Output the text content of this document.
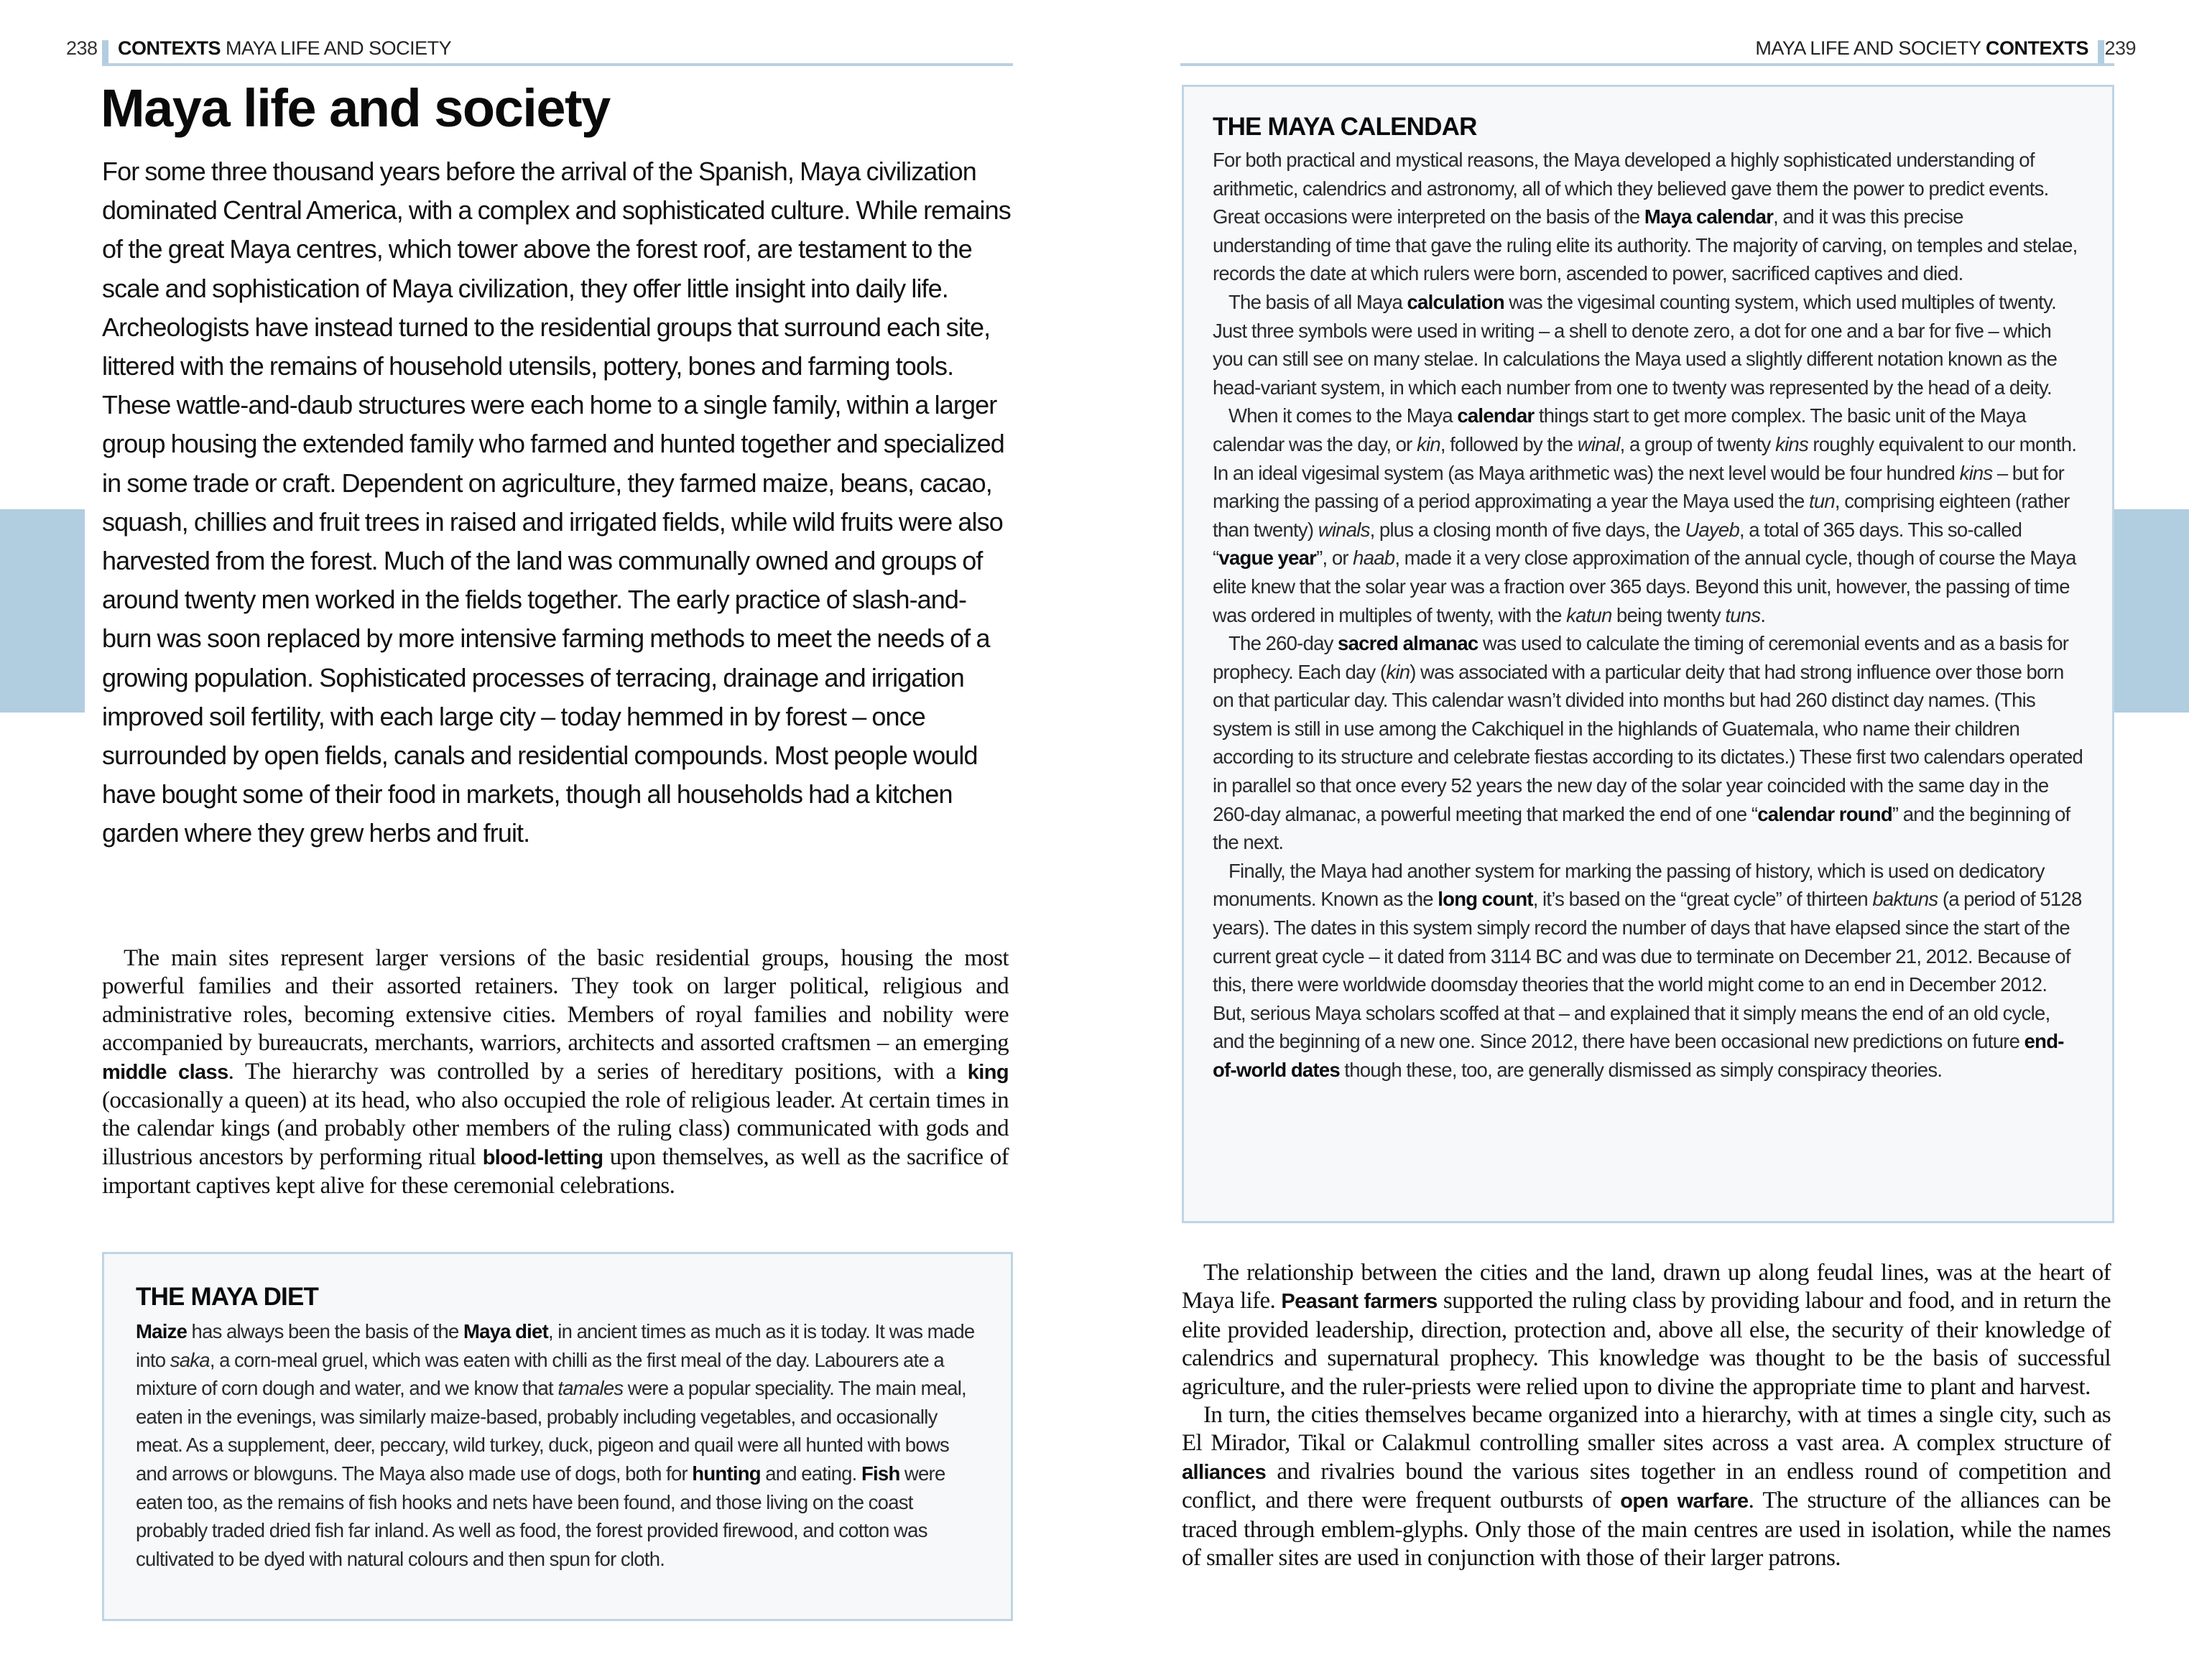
238 CONTEXTS MAYA LIFE AND SOCIETY
Maya life and society

For some three thousand years before the arrival of the Spanish, Maya civilization dominated Central America, with a complex and sophisticated culture. While remains of the great Maya centres, which tower above the forest roof, are testament to the scale and sophistication of Maya civilization, they offer little insight into daily life. Archeologists have instead turned to the residential groups that surround each site, littered with the remains of household utensils, pottery, bones and farming tools. These wattle-and-daub structures were each home to a single family, within a larger group housing the extended family who farmed and hunted together and specialized in some trade or craft. Dependent on agriculture, they farmed maize, beans, cacao, squash, chillies and fruit trees in raised and irrigated fields, while wild fruits were also harvested from the forest. Much of the land was communally owned and groups of around twenty men worked in the fields together. The early practice of slash-and-burn was soon replaced by more intensive farming methods to meet the needs of a growing population. Sophisticated processes of terracing, drainage and irrigation improved soil fertility, with each large city – today hemmed in by forest – once surrounded by open fields, canals and residential compounds. Most people would have bought some of their food in markets, though all households had a kitchen garden where they grew herbs and fruit.

The main sites represent larger versions of the basic residential groups, housing the most powerful families and their assorted retainers. They took on larger political, religious and administrative roles, becoming extensive cities. Members of royal families and nobility were accompanied by bureaucrats, merchants, warriors, architects and assorted craftsmen – an emerging middle class. The hierarchy was controlled by a series of hereditary positions, with a king (occasionally a queen) at its head, who also occupied the role of religious leader. At certain times in the calendar kings (and probably other members of the ruling class) communicated with gods and illustrious ancestors by performing ritual blood-letting upon themselves, as well as the sacrifice of important captives kept alive for these ceremonial celebrations.

THE MAYA DIET

Maize has always been the basis of the Maya diet, in ancient times as much as it is today. It was made into saka, a corn-meal gruel, which was eaten with chilli as the first meal of the day. Labourers ate a mixture of corn dough and water, and we know that tamales were a popular speciality. The main meal, eaten in the evenings, was similarly maize-based, probably including vegetables, and occasionally meat. As a supplement, deer, peccary, wild turkey, duck, pigeon and quail were all hunted with bows and arrows or blowguns. The Maya also made use of dogs, both for hunting and eating. Fish were eaten too, as the remains of fish hooks and nets have been found, and those living on the coast probably traded dried fish far inland. As well as food, the forest provided firewood, and cotton was cultivated to be dyed with natural colours and then spun for cloth.

MAYA LIFE AND SOCIETY CONTEXTS 239
THE MAYA CALENDAR

For both practical and mystical reasons, the Maya developed a highly sophisticated understanding of arithmetic, calendrics and astronomy, all of which they believed gave them the power to predict events. Great occasions were interpreted on the basis of the Maya calendar, and it was this precise understanding of time that gave the ruling elite its authority. The majority of carving, on temples and stelae, records the date at which rulers were born, ascended to power, sacrificed captives and died.

The basis of all Maya calculation was the vigesimal counting system, which used multiples of twenty. Just three symbols were used in writing – a shell to denote zero, a dot for one and a bar for five – which you can still see on many stelae. In calculations the Maya used a slightly different notation known as the head-variant system, in which each number from one to twenty was represented by the head of a deity.

When it comes to the Maya calendar things start to get more complex. The basic unit of the Maya calendar was the day, or kin, followed by the winal, a group of twenty kins roughly equivalent to our month. In an ideal vigesimal system (as Maya arithmetic was) the next level would be four hundred kins – but for marking the passing of a period approximating a year the Maya used the tun, comprising eighteen (rather than twenty) winals, plus a closing month of five days, the Uayeb, a total of 365 days. This so-called “vague year”, or haab, made it a very close approximation of the annual cycle, though of course the Maya elite knew that the solar year was a fraction over 365 days. Beyond this unit, however, the passing of time was ordered in multiples of twenty, with the katun being twenty tuns.

The 260-day sacred almanac was used to calculate the timing of ceremonial events and as a basis for prophecy. Each day (kin) was associated with a particular deity that had strong influence over those born on that particular day. This calendar wasn’t divided into months but had 260 distinct day names. (This system is still in use among the Cakchiquel in the highlands of Guatemala, who name their children according to its structure and celebrate fiestas according to its dictates.) These first two calendars operated in parallel so that once every 52 years the new day of the solar year coincided with the same day in the 260-day almanac, a powerful meeting that marked the end of one “calendar round” and the beginning of the next.

Finally, the Maya had another system for marking the passing of history, which is used on dedicatory monuments. Known as the long count, it’s based on the “great cycle” of thirteen baktuns (a period of 5128 years). The dates in this system simply record the number of days that have elapsed since the start of the current great cycle – it dated from 3114 BC and was due to terminate on December 21, 2012. Because of this, there were worldwide doomsday theories that the world might come to an end in December 2012. But, serious Maya scholars scoffed at that – and explained that it simply means the end of an old cycle, and the beginning of a new one. Since 2012, there have been occasional new predictions on future end-of-world dates though these, too, are generally dismissed as simply conspiracy theories.

The relationship between the cities and the land, drawn up along feudal lines, was at the heart of Maya life. Peasant farmers supported the ruling class by providing labour and food, and in return the elite provided leadership, direction, protection and, above all else, the security of their knowledge of calendrics and supernatural prophecy. This knowledge was thought to be the basis of successful agriculture, and the ruler-priests were relied upon to divine the appropriate time to plant and harvest.

In turn, the cities themselves became organized into a hierarchy, with at times a single city, such as El Mirador, Tikal or Calakmul controlling smaller sites across a vast area. A complex structure of alliances and rivalries bound the various sites together in an endless round of competition and conflict, and there were frequent outbursts of open warfare. The structure of the alliances can be traced through emblem-glyphs. Only those of the main centres are used in isolation, while the names of smaller sites are used in conjunction with those of their larger patrons.
